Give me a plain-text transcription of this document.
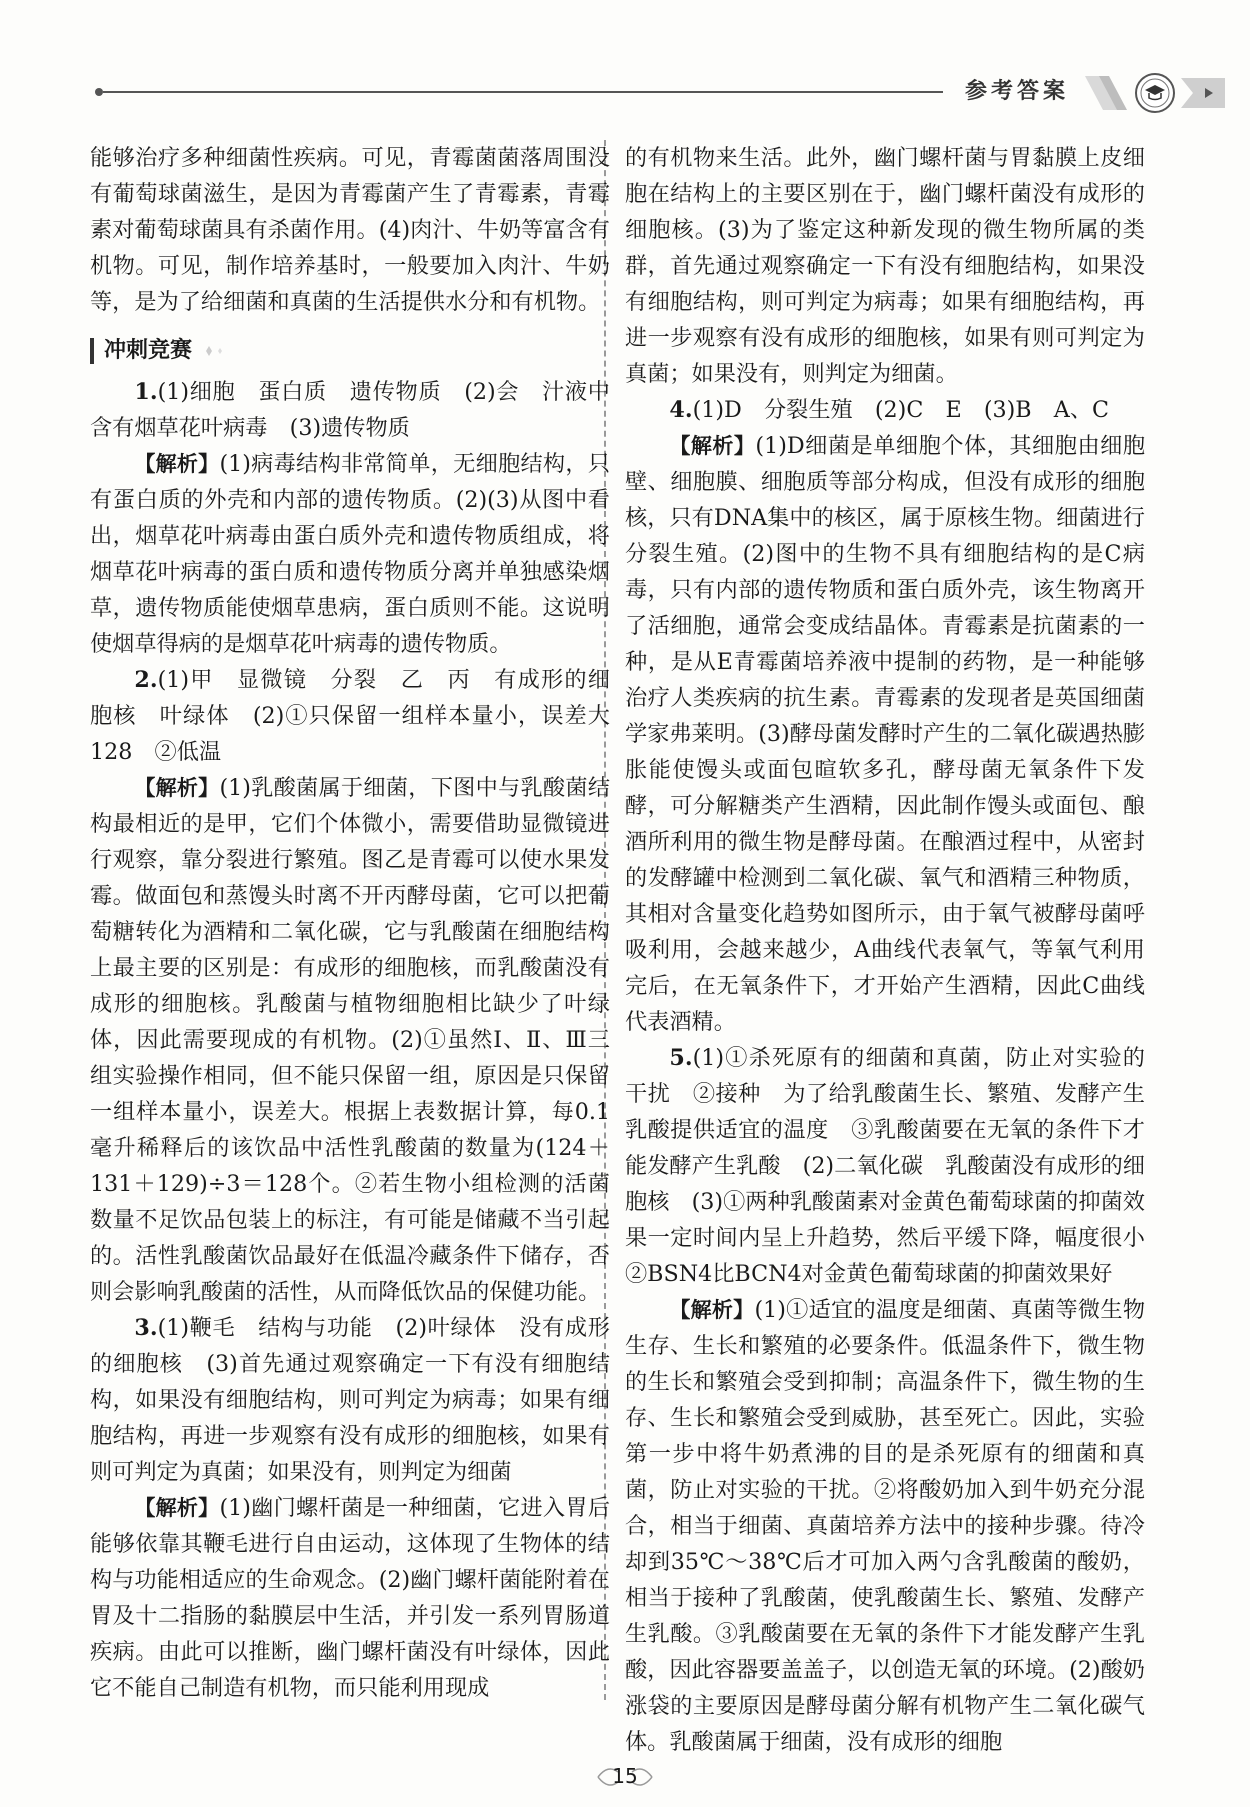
参考答案

能够治疗多种细菌性疾病。可见，青霉菌菌落周围没有葡萄球菌滋生，是因为青霉菌产生了青霉素，青霉素对葡萄球菌具有杀菌作用。(4)肉汁、牛奶等富含有机物。可见，制作培养基时，一般要加入肉汁、牛奶等，是为了给细菌和真菌的生活提供水分和有机物。

冲刺竞赛

1.(1)细胞　蛋白质　遗传物质　(2)会　汁液中含有烟草花叶病毒　(3)遗传物质

【解析】(1)病毒结构非常简单，无细胞结构，只有蛋白质的外壳和内部的遗传物质。(2)(3)从图中看出，烟草花叶病毒由蛋白质外壳和遗传物质组成，将烟草花叶病毒的蛋白质和遗传物质分离并单独感染烟草，遗传物质能使烟草患病，蛋白质则不能。这说明使烟草得病的是烟草花叶病毒的遗传物质。

2.(1)甲　显微镜　分裂　乙　丙　有成形的细胞核　叶绿体　(2)①只保留一组样本量小，误差大　128　②低温

【解析】(1)乳酸菌属于细菌，下图中与乳酸菌结构最相近的是甲，它们个体微小，需要借助显微镜进行观察，靠分裂进行繁殖。图乙是青霉可以使水果发霉。做面包和蒸馒头时离不开丙酵母菌，它可以把葡萄糖转化为酒精和二氧化碳，它与乳酸菌在细胞结构上最主要的区别是：有成形的细胞核，而乳酸菌没有成形的细胞核。乳酸菌与植物细胞相比缺少了叶绿体，因此需要现成的有机物。(2)①虽然Ⅰ、Ⅱ、Ⅲ三组实验操作相同，但不能只保留一组，原因是只保留一组样本量小，误差大。根据上表数据计算，每0.1毫升稀释后的该饮品中活性乳酸菌的数量为(124＋131＋129)÷3＝128个。②若生物小组检测的活菌数量不足饮品包装上的标注，有可能是储藏不当引起的。活性乳酸菌饮品最好在低温冷藏条件下储存，否则会影响乳酸菌的活性，从而降低饮品的保健功能。

3.(1)鞭毛　结构与功能　(2)叶绿体　没有成形的细胞核　(3)首先通过观察确定一下有没有细胞结构，如果没有细胞结构，则可判定为病毒；如果有细胞结构，再进一步观察有没有成形的细胞核，如果有则可判定为真菌；如果没有，则判定为细菌

【解析】(1)幽门螺杆菌是一种细菌，它进入胃后能够依靠其鞭毛进行自由运动，这体现了生物体的结构与功能相适应的生命观念。(2)幽门螺杆菌能附着在胃及十二指肠的黏膜层中生活，并引发一系列胃肠道疾病。由此可以推断，幽门螺杆菌没有叶绿体，因此它不能自己制造有机物，而只能利用现成

的有机物来生活。此外，幽门螺杆菌与胃黏膜上皮细胞在结构上的主要区别在于，幽门螺杆菌没有成形的细胞核。(3)为了鉴定这种新发现的微生物所属的类群，首先通过观察确定一下有没有细胞结构，如果没有细胞结构，则可判定为病毒；如果有细胞结构，再进一步观察有没有成形的细胞核，如果有则可判定为真菌；如果没有，则判定为细菌。

4.(1)D　分裂生殖　(2)C　E　(3)B　A、C

【解析】(1)D细菌是单细胞个体，其细胞由细胞壁、细胞膜、细胞质等部分构成，但没有成形的细胞核，只有DNA集中的核区，属于原核生物。细菌进行分裂生殖。(2)图中的生物不具有细胞结构的是C病毒，只有内部的遗传物质和蛋白质外壳，该生物离开了活细胞，通常会变成结晶体。青霉素是抗菌素的一种，是从E青霉菌培养液中提制的药物，是一种能够治疗人类疾病的抗生素。青霉素的发现者是英国细菌学家弗莱明。(3)酵母菌发酵时产生的二氧化碳遇热膨胀能使馒头或面包暄软多孔，酵母菌无氧条件下发酵，可分解糖类产生酒精，因此制作馒头或面包、酿酒所利用的微生物是酵母菌。在酿酒过程中，从密封的发酵罐中检测到二氧化碳、氧气和酒精三种物质，其相对含量变化趋势如图所示，由于氧气被酵母菌呼吸利用，会越来越少，A曲线代表氧气，等氧气利用完后，在无氧条件下，才开始产生酒精，因此C曲线代表酒精。

5.(1)①杀死原有的细菌和真菌，防止对实验的干扰　②接种　为了给乳酸菌生长、繁殖、发酵产生乳酸提供适宜的温度　③乳酸菌要在无氧的条件下才能发酵产生乳酸　(2)二氧化碳　乳酸菌没有成形的细胞核　(3)①两种乳酸菌素对金黄色葡萄球菌的抑菌效果一定时间内呈上升趋势，然后平缓下降，幅度很小　②BSN4比BCN4对金黄色葡萄球菌的抑菌效果好

【解析】(1)①适宜的温度是细菌、真菌等微生物生存、生长和繁殖的必要条件。低温条件下，微生物的生长和繁殖会受到抑制；高温条件下，微生物的生存、生长和繁殖会受到威胁，甚至死亡。因此，实验第一步中将牛奶煮沸的目的是杀死原有的细菌和真菌，防止对实验的干扰。②将酸奶加入到牛奶充分混合，相当于细菌、真菌培养方法中的接种步骤。待冷却到35℃～38℃后才可加入两勺含乳酸菌的酸奶，相当于接种了乳酸菌，使乳酸菌生长、繁殖、发酵产生乳酸。③乳酸菌要在无氧的条件下才能发酵产生乳酸，因此容器要盖盖子，以创造无氧的环境。(2)酸奶涨袋的主要原因是酵母菌分解有机物产生二氧化碳气体。乳酸菌属于细菌，没有成形的细胞

15
